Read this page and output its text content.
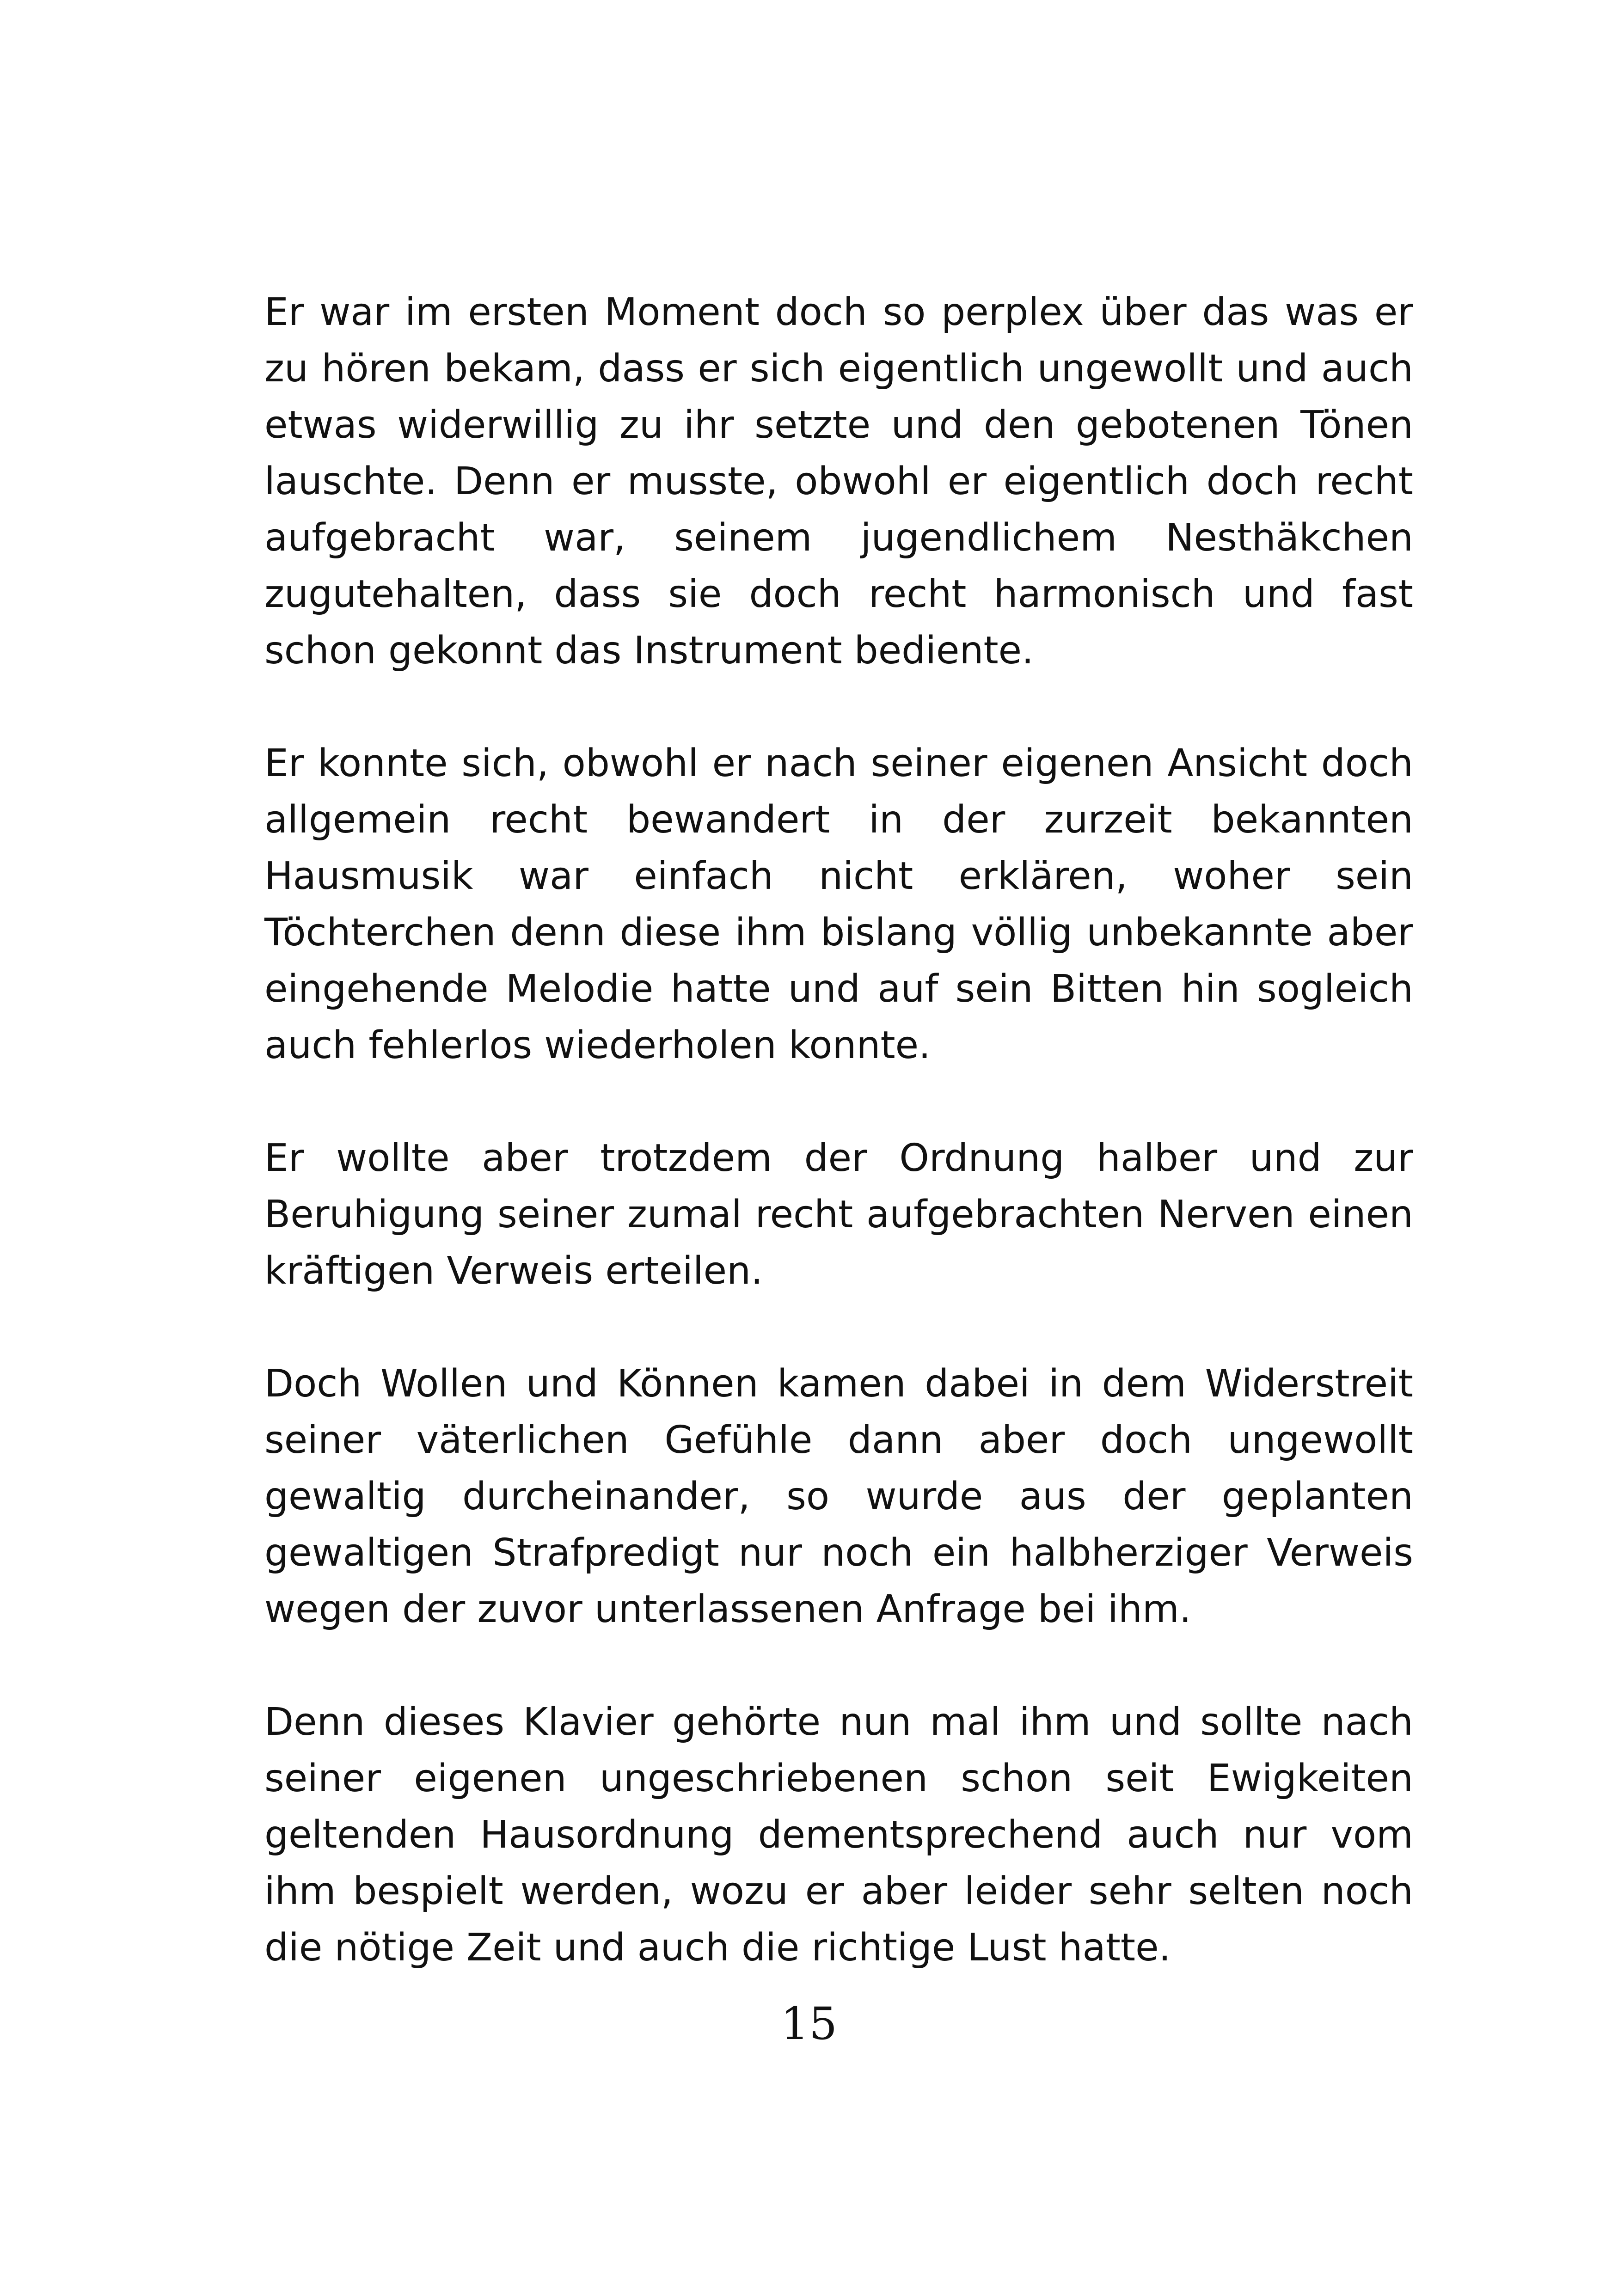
Er war im ersten Moment doch so perplex über das was er zu hören bekam, dass er sich eigentlich ungewollt und auch etwas widerwillig zu ihr setzte und den gebotenen Tönen lauschte. Denn er musste, obwohl er eigentlich doch recht aufgebracht war, seinem jugendlichem Nesthäkchen zugutehalten, dass sie doch recht harmonisch und fast schon gekonnt das Instrument bediente.

Er konnte sich, obwohl er nach seiner eigenen Ansicht doch allgemein recht bewandert in der zurzeit bekannten Hausmusik war einfach nicht erklären, woher sein Töchterchen denn diese ihm bislang völlig unbekannte aber eingehende Melodie hatte und auf sein Bitten hin sogleich auch fehlerlos wiederholen konnte.

Er wollte aber trotzdem der Ordnung halber und zur Beruhigung seiner zumal recht aufgebrachten Nerven einen kräftigen Verweis erteilen.

Doch Wollen und Können kamen dabei in dem Widerstreit seiner väterlichen Gefühle dann aber doch ungewollt gewaltig durcheinander, so wurde aus der geplanten gewaltigen Strafpredigt nur noch ein halbherziger Verweis wegen der zuvor unterlassenen Anfrage bei ihm.

Denn dieses Klavier gehörte nun mal ihm und sollte nach seiner eigenen ungeschriebenen schon seit Ewigkeiten geltenden Hausordnung dementsprechend auch nur vom ihm bespielt werden, wozu er aber leider sehr selten noch die nötige Zeit und auch die richtige Lust hatte.

15
